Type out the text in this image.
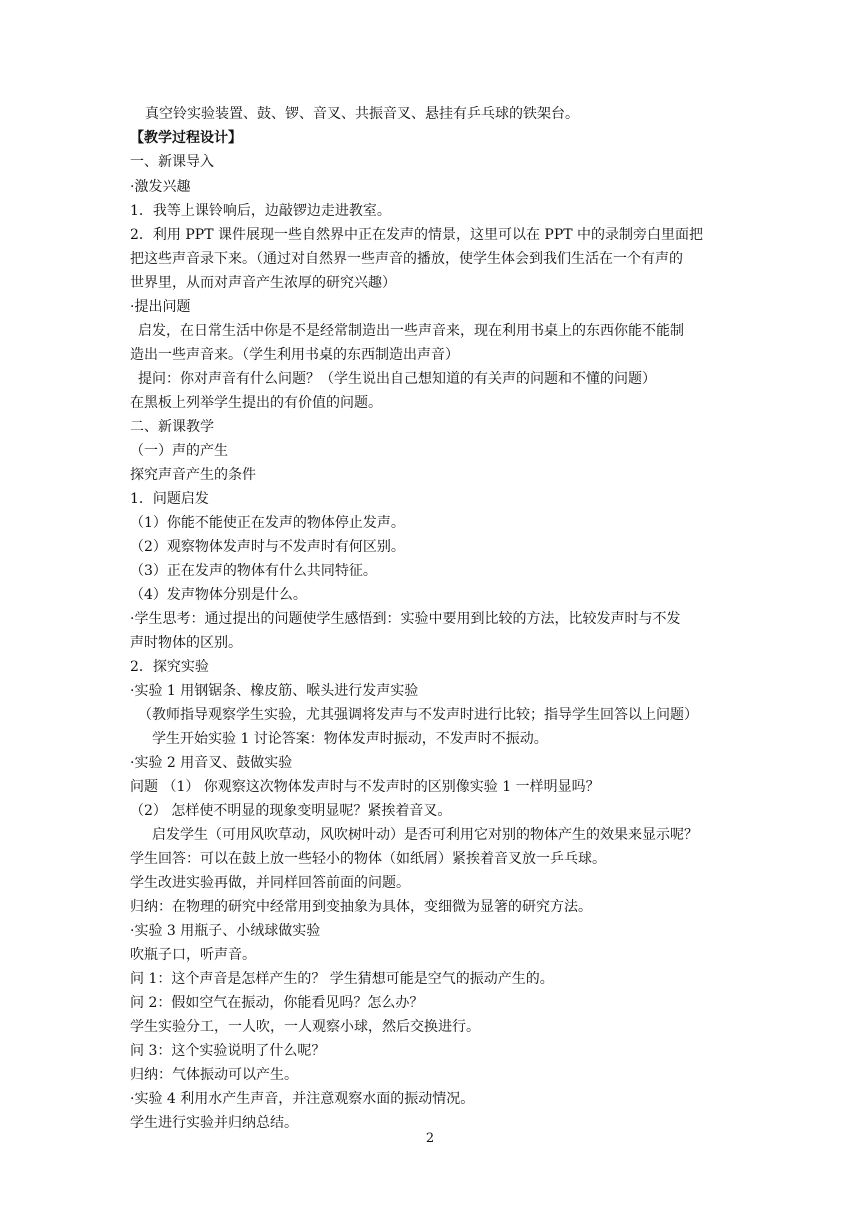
真空铃实验装置、鼓、锣、音叉、共振音叉、悬挂有乒乓球的铁架台。
【教学过程设计】
一、新课导入
·激发兴趣
1．我等上课铃响后，边敲锣边走进教室。
2．利用 PPT 课件展现一些自然界中正在发声的情景，这里可以在 PPT 中的录制旁白里面把
把这些声音录下来。（通过对自然界一些声音的播放，使学生体会到我们生活在一个有声的
世界里，从而对声音产生浓厚的研究兴趣）
·提出问题
启发，在日常生活中你是不是经常制造出一些声音来，现在利用书桌上的东西你能不能制
造出一些声音来。（学生利用书桌的东西制造出声音）
提问：你对声音有什么问题？（学生说出自己想知道的有关声的问题和不懂的问题）
在黑板上列举学生提出的有价值的问题。
二、新课教学
（一）声的产生
探究声音产生的条件
1．问题启发
（1）你能不能使正在发声的物体停止发声。
（2）观察物体发声时与不发声时有何区别。
（3）正在发声的物体有什么共同特征。
（4）发声物体分别是什么。
·学生思考：通过提出的问题使学生感悟到：实验中要用到比较的方法，比较发声时与不发
声时物体的区别。
2．探究实验
·实验 1 用钢锯条、橡皮筋、喉头进行发声实验
（教师指导观察学生实验，尤其强调将发声与不发声时进行比较；指导学生回答以上问题）
学生开始实验 1 讨论答案：物体发声时振动，不发声时不振动。
·实验 2 用音叉、鼓做实验
问题 （1） 你观察这次物体发声时与不发声时的区别像实验 1 一样明显吗？
（2） 怎样使不明显的现象变明显呢？紧挨着音叉。
启发学生（可用风吹草动，风吹树叶动）是否可利用它对别的物体产生的效果来显示呢？
学生回答：可以在鼓上放一些轻小的物体（如纸屑）紧挨着音叉放一乒乓球。
学生改进实验再做，并同样回答前面的问题。
归纳：在物理的研究中经常用到变抽象为具体，变细微为显箸的研究方法。
·实验 3 用瓶子、小绒球做实验
吹瓶子口，听声音。
问 1：这个声音是怎样产生的？ 学生猜想可能是空气的振动产生的。
问 2：假如空气在振动，你能看见吗？怎么办？
学生实验分工，一人吹，一人观察小球，然后交换进行。
问 3：这个实验说明了什么呢？
归纳：气体振动可以产生。
·实验 4 利用水产生声音，并注意观察水面的振动情况。
学生进行实验并归纳总结。
2
